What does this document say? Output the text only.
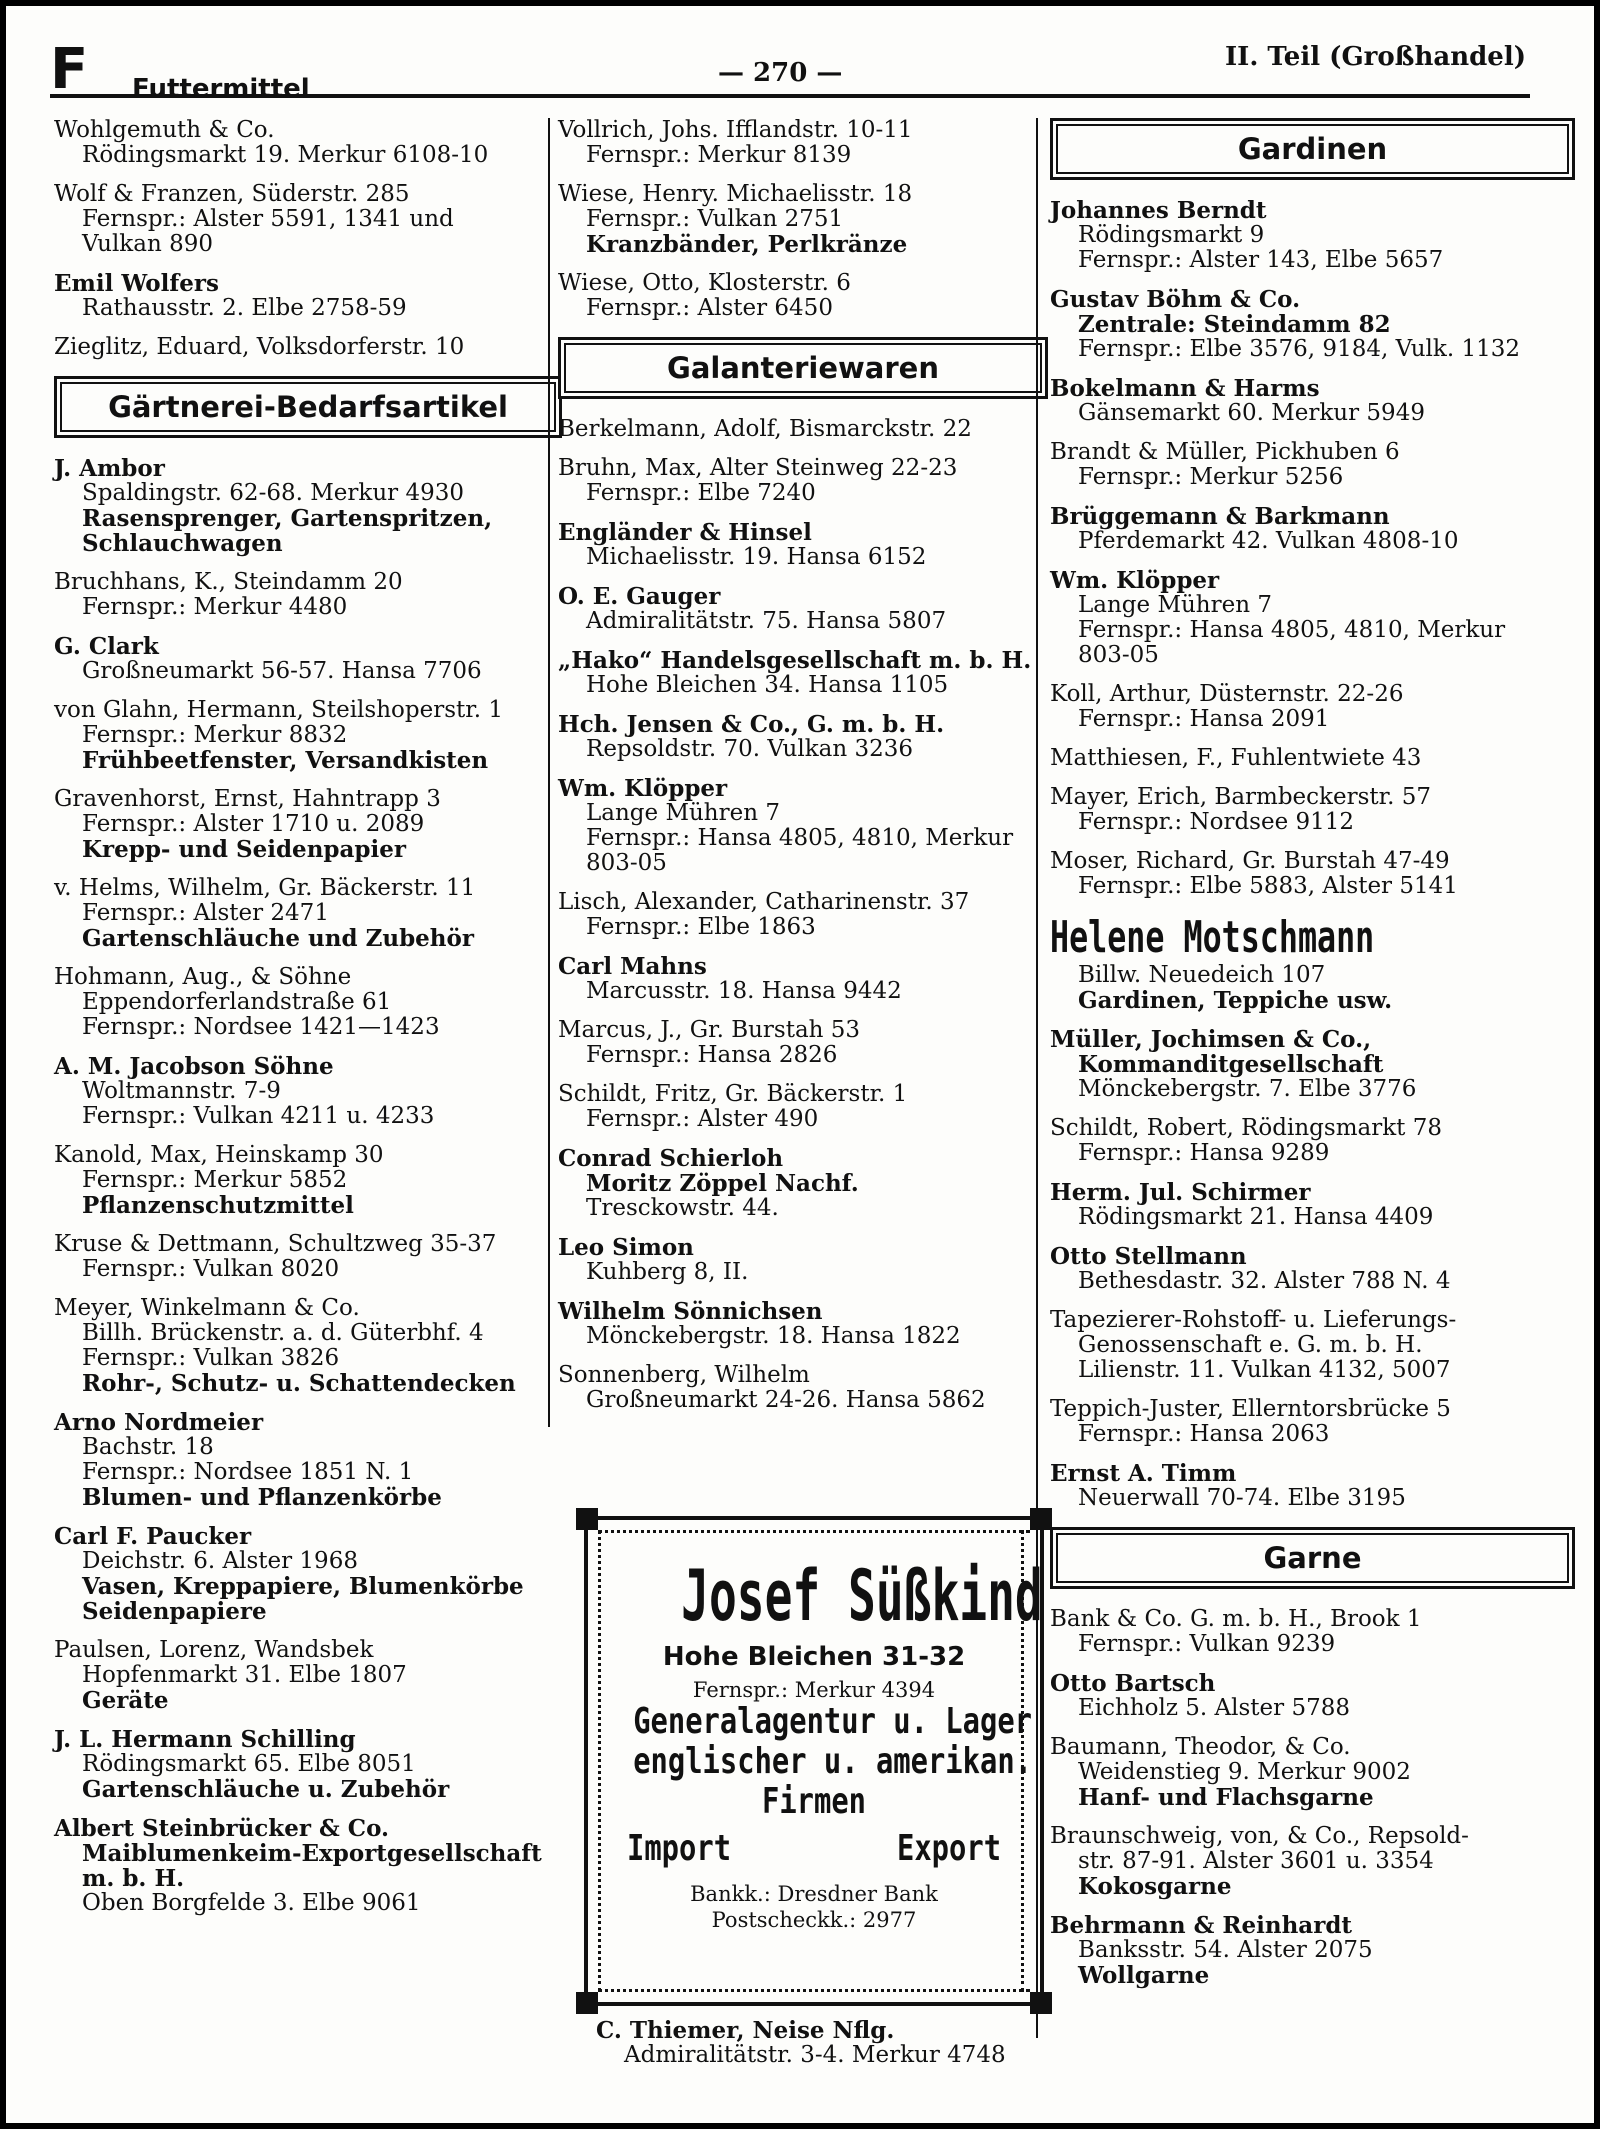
F Futtermittel
— 270 —
II. Teil (Großhandel)
Wohlgemuth & Co.
Rödingsmarkt 19. Merkur 6108-10
Wolf & Franzen, Süderstr. 285
Fernspr.: Alster 5591, 1341 und
Vulkan 890
Emil Wolfers
Rathausstr. 2. Elbe 2758-59
Zieglitz, Eduard, Volksdorferstr. 10
Gärtnerei-Bedarfsartikel
J. Ambor
Spaldingstr. 62-68. Merkur 4930
Rasensprenger, Gartenspritzen,
Schlauchwagen
Bruchhans, K., Steindamm 20
Fernspr.: Merkur 4480
G. Clark
Großneumarkt 56-57. Hansa 7706
von Glahn, Hermann, Steilshoperstr. 1
Fernspr.: Merkur 8832
Frühbeetfenster, Versandkisten
Gravenhorst, Ernst, Hahntrapp 3
Fernspr.: Alster 1710 u. 2089
Krepp- und Seidenpapier
v. Helms, Wilhelm, Gr. Bäckerstr. 11
Fernspr.: Alster 2471
Gartenschläuche und Zubehör
Hohmann, Aug., & Söhne
Eppendorferlandstraße 61
Fernspr.: Nordsee 1421—1423
A. M. Jacobson Söhne
Woltmannstr. 7-9
Fernspr.: Vulkan 4211 u. 4233
Kanold, Max, Heinskamp 30
Fernspr.: Merkur 5852
Pflanzenschutzmittel
Kruse & Dettmann, Schultzweg 35-37
Fernspr.: Vulkan 8020
Meyer, Winkelmann & Co.
Billh. Brückenstr. a. d. Güterbhf. 4
Fernspr.: Vulkan 3826
Rohr-, Schutz- u. Schattendecken
Arno Nordmeier
Bachstr. 18
Fernspr.: Nordsee 1851 N. 1
Blumen- und Pflanzenkörbe
Carl F. Paucker
Deichstr. 6. Alster 1968
Vasen, Kreppapiere, Blumenkörbe
Seidenpapiere
Paulsen, Lorenz, Wandsbek
Hopfenmarkt 31. Elbe 1807
Geräte
J. L. Hermann Schilling
Rödingsmarkt 65. Elbe 8051
Gartenschläuche u. Zubehör
Albert Steinbrücker & Co.
Maiblumenkeim-Exportgesellschaft
m. b. H.
Oben Borgfelde 3. Elbe 9061
Vollrich, Johs. Ifflandstr. 10-11
Fernspr.: Merkur 8139
Wiese, Henry. Michaelisstr. 18
Fernspr.: Vulkan 2751
Kranzbänder, Perlkränze
Wiese, Otto, Klosterstr. 6
Fernspr.: Alster 6450
Galanteriewaren
Berkelmann, Adolf, Bismarckstr. 22
Bruhn, Max, Alter Steinweg 22-23
Fernspr.: Elbe 7240
Engländer & Hinsel
Michaelisstr. 19. Hansa 6152
O. E. Gauger
Admiralitätstr. 75. Hansa 5807
„Hako“ Handelsgesellschaft m. b. H.
Hohe Bleichen 34. Hansa 1105
Hch. Jensen & Co., G. m. b. H.
Repsoldstr. 70. Vulkan 3236
Wm. Klöpper
Lange Mühren 7
Fernspr.: Hansa 4805, 4810, Merkur
803-05
Lisch, Alexander, Catharinenstr. 37
Fernspr.: Elbe 1863
Carl Mahns
Marcusstr. 18. Hansa 9442
Marcus, J., Gr. Burstah 53
Fernspr.: Hansa 2826
Schildt, Fritz, Gr. Bäckerstr. 1
Fernspr.: Alster 490
Conrad Schierloh
Moritz Zöppel Nachf.
Tresckowstr. 44.
Leo Simon
Kuhberg 8, II.
Wilhelm Sönnichsen
Mönckebergstr. 18. Hansa 1822
Sonnenberg, Wilhelm
Großneumarkt 24-26. Hansa 5862
Josef Süßkind
Hohe Bleichen 31-32
Fernspr.: Merkur 4394
Generalagentur u. Lager
englischer u. amerikan.
Firmen
Import	Export
Bankk.: Dresdner Bank
Postscheckk.: 2977
C. Thiemer, Neise Nflg.
Admiralitätstr. 3-4. Merkur 4748
Gardinen
Johannes Berndt
Rödingsmarkt 9
Fernspr.: Alster 143, Elbe 5657
Gustav Böhm & Co.
Zentrale: Steindamm 82
Fernspr.: Elbe 3576, 9184, Vulk. 1132
Bokelmann & Harms
Gänsemarkt 60. Merkur 5949
Brandt & Müller, Pickhuben 6
Fernspr.: Merkur 5256
Brüggemann & Barkmann
Pferdemarkt 42. Vulkan 4808-10
Wm. Klöpper
Lange Mühren 7
Fernspr.: Hansa 4805, 4810, Merkur
803-05
Koll, Arthur, Düsternstr. 22-26
Fernspr.: Hansa 2091
Matthiesen, F., Fuhlentwiete 43
Mayer, Erich, Barmbeckerstr. 57
Fernspr.: Nordsee 9112
Moser, Richard, Gr. Burstah 47-49
Fernspr.: Elbe 5883, Alster 5141
Helene Motschmann
Billw. Neuedeich 107
Gardinen, Teppiche usw.
Müller, Jochimsen & Co.,
Kommanditgesellschaft
Mönckebergstr. 7. Elbe 3776
Schildt, Robert, Rödingsmarkt 78
Fernspr.: Hansa 9289
Herm. Jul. Schirmer
Rödingsmarkt 21. Hansa 4409
Otto Stellmann
Bethesdastr. 32. Alster 788 N. 4
Tapezierer-Rohstoff- u. Lieferungs-
Genossenschaft e. G. m. b. H.
Lilienstr. 11. Vulkan 4132, 5007
Teppich-Juster, Ellerntorsbrücke 5
Fernspr.: Hansa 2063
Ernst A. Timm
Neuerwall 70-74. Elbe 3195
Garne
Bank & Co. G. m. b. H., Brook 1
Fernspr.: Vulkan 9239
Otto Bartsch
Eichholz 5. Alster 5788
Baumann, Theodor, & Co.
Weidenstieg 9. Merkur 9002
Hanf- und Flachsgarne
Braunschweig, von, & Co., Repsold-
str. 87-91. Alster 3601 u. 3354
Kokosgarne
Behrmann & Reinhardt
Banksstr. 54. Alster 2075
Wollgarne
